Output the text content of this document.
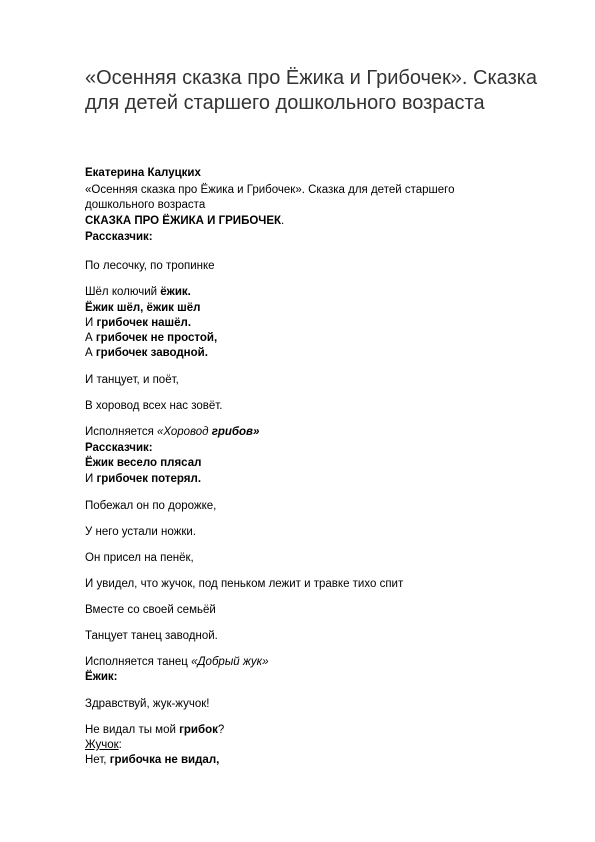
«Осенняя сказка про Ёжика и Грибочек». Сказка для детей старшего дошкольного возраста
Екатерина Калуцких
«Осенняя сказка про Ёжика и Грибочек». Сказка для детей старшего
дошкольного возраста
СКАЗКА ПРО ЁЖИКА И ГРИБОЧЕК.
Рассказчик:
По лесочку, по тропинке
Шёл колючий ёжик.
Ёжик шёл, ёжик шёл
И грибочек нашёл.
А грибочек не простой,
А грибочек заводной.
И танцует, и поёт,
В хоровод всех нас зовёт.
Исполняется «Хоровод грибов»
Рассказчик:
Ёжик весело плясал
И грибочек потерял.
Побежал он по дорожке,
У него устали ножки.
Он присел на пенёк,
И увидел, что жучок, под пеньком лежит и травке тихо спит
Вместе со своей семьёй
Танцует танец заводной.
Исполняется танец «Добрый жук»
Ёжик:
Здравствуй, жук-жучок!
Не видал ты мой грибок?
Жучок:
Нет, грибочка не видал,
